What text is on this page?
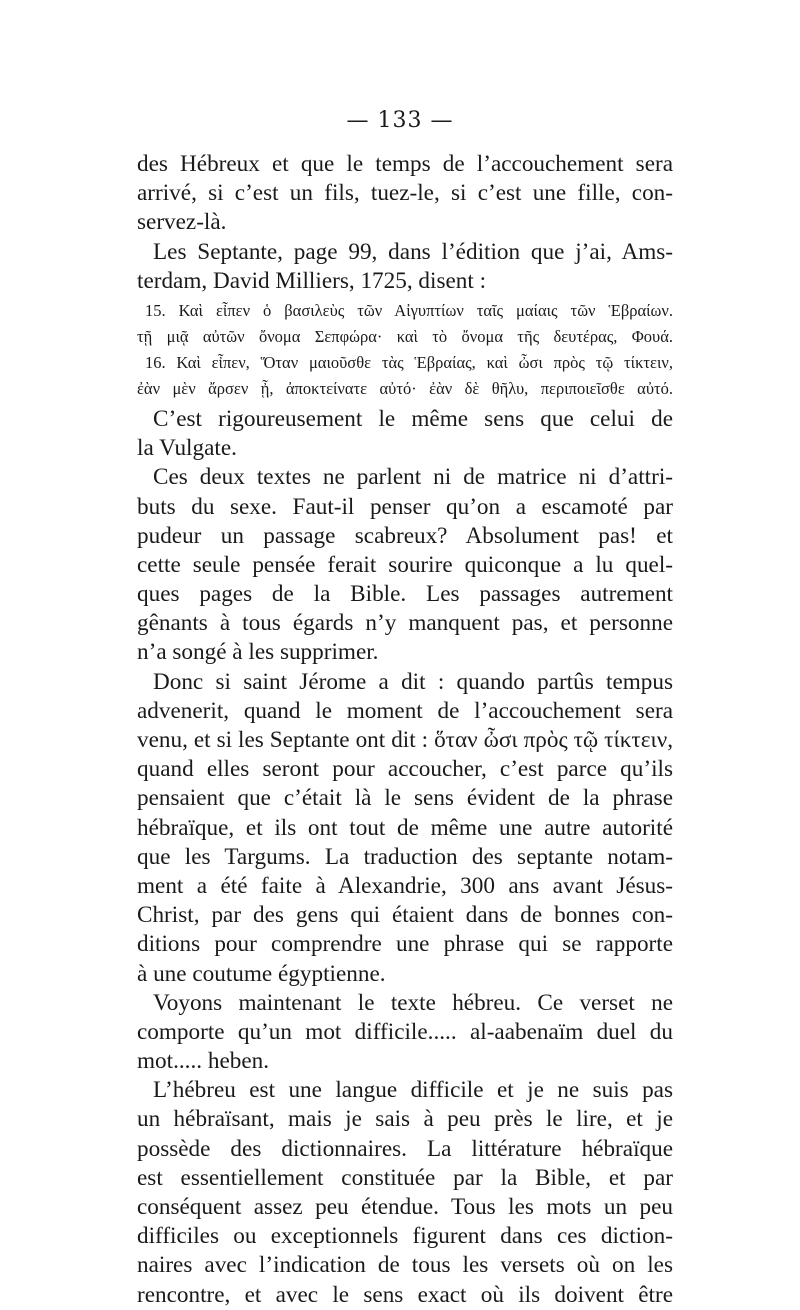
— 133 —
des Hébreux et que le temps de l’accouchement sera
arrivé, si c’est un fils, tuez-le, si c’est une fille, con-
servez-là.
Les Septante, page 99, dans l’édition que j’ai, Ams-
terdam, David Milliers, 1725, disent :
15. Καὶ εἶπεν ὁ βασιλεὺς τῶν Αἰγυπτίων ταῖς μαίαις τῶν Ἑβραίων.
τῇ μιᾷ αὐτῶν ὄνομα Σεπφώρα· καὶ τὸ ὄνομα τῆς δευτέρας, Φουά.
16. Καὶ εἶπεν, Ὅταν μαιοῦσθε τὰς Ἑβραίας, καὶ ὦσι πρὸς τῷ τίκτειν,
ἐὰν μὲν ἄρσεν ᾖ, ἀποκτείνατε αὐτό· ἐὰν δὲ θῆλυ, περιποιεῖσθε αὐτό.
C’est rigoureusement le même sens que celui de
la Vulgate.
Ces deux textes ne parlent ni de matrice ni d’attri-
buts du sexe. Faut-il penser qu’on a escamoté par
pudeur un passage scabreux? Absolument pas! et
cette seule pensée ferait sourire quiconque a lu quel-
ques pages de la Bible. Les passages autrement
gênants à tous égards n’y manquent pas, et personne
n’a songé à les supprimer.
Donc si saint Jérome a dit : quando partûs tempus
advenerit, quand le moment de l’accouchement sera
venu, et si les Septante ont dit : ὅταν ὦσι πρὸς τῷ τίκτειν,
quand elles seront pour accoucher, c’est parce qu’ils
pensaient que c’était là le sens évident de la phrase
hébraïque, et ils ont tout de même une autre autorité
que les Targums. La traduction des septante notam-
ment a été faite à Alexandrie, 300 ans avant Jésus-
Christ, par des gens qui étaient dans de bonnes con-
ditions pour comprendre une phrase qui se rapporte
à une coutume égyptienne.
Voyons maintenant le texte hébreu. Ce verset ne
comporte qu’un mot difficile..... al-aabenaïm duel du
mot..... heben.
L’hébreu est une langue difficile et je ne suis pas
un hébraïsant, mais je sais à peu près le lire, et je
possède des dictionnaires. La littérature hébraïque
est essentiellement constituée par la Bible, et par
conséquent assez peu étendue. Tous les mots un peu
difficiles ou exceptionnels figurent dans ces diction-
naires avec l’indication de tous les versets où on les
rencontre, et avec le sens exact où ils doivent être
